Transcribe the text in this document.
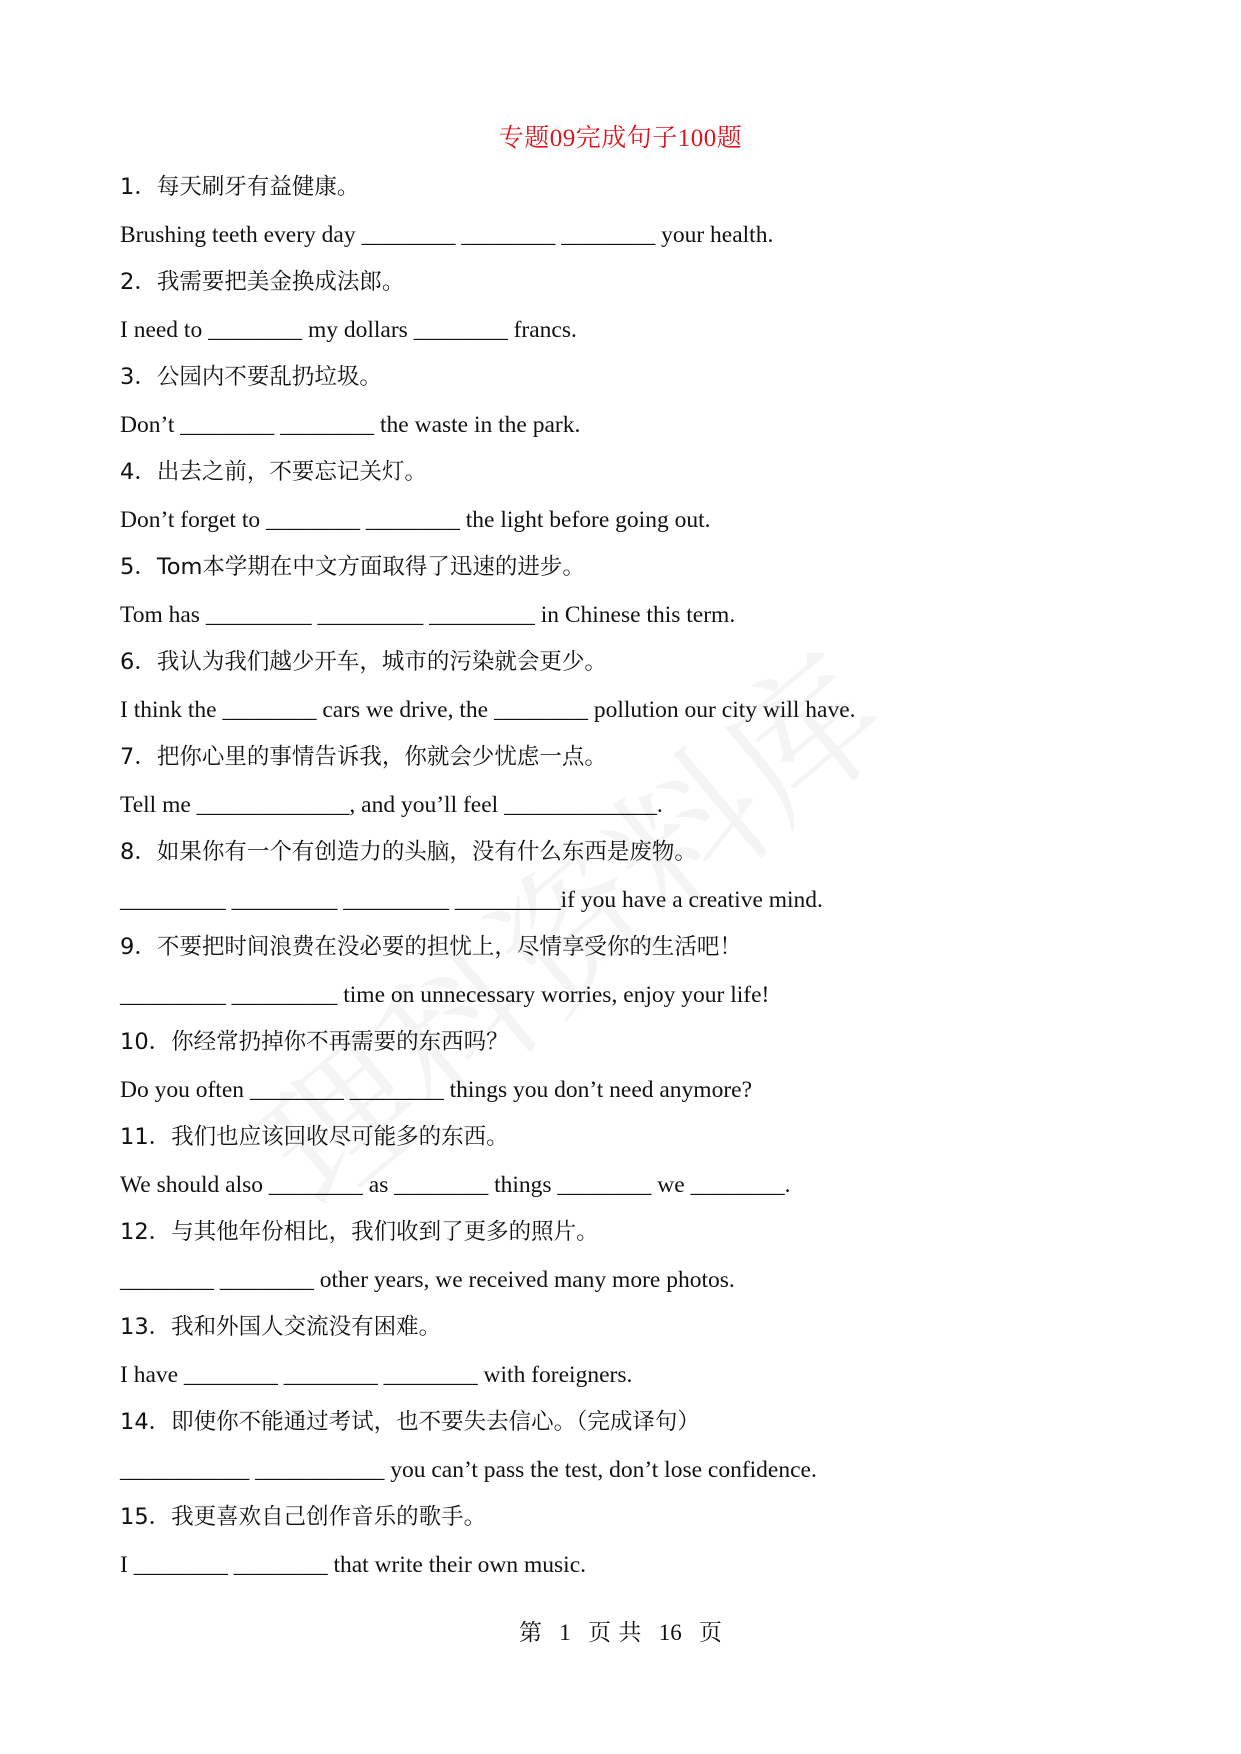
专题09完成句子100题
1．每天刷牙有益健康。
Brushing teeth every day ________ ________ ________ your health.
2．我需要把美金换成法郎。
I need to ________ my dollars ________ francs.
3．公园内不要乱扔垃圾。
Don’t ________ ________ the waste in the park.
4．出去之前，不要忘记关灯。
Don’t forget to ________ ________ the light before going out.
5．Tom本学期在中文方面取得了迅速的进步。
Tom has _________ _________ _________ in Chinese this term.
6．我认为我们越少开车，城市的污染就会更少。
I think the ________ cars we drive, the ________ pollution our city will have.
7．把你心里的事情告诉我，你就会少忧虑一点。
Tell me _____________, and you’ll feel _____________.
8．如果你有一个有创造力的头脑，没有什么东西是废物。
_________ _________ _________ _________if you have a creative mind.
9．不要把时间浪费在没必要的担忧上，尽情享受你的生活吧！
_________ _________ time on unnecessary worries, enjoy your life!
10．你经常扔掉你不再需要的东西吗？
Do you often ________ ________ things you don’t need anymore?
11．我们也应该回收尽可能多的东西。
We should also ________ as ________ things ________ we ________.
12．与其他年份相比，我们收到了更多的照片。
________ ________ other years, we received many more photos.
13．我和外国人交流没有困难。
I have ________ ________ ________ with foreigners.
14．即使你不能通过考试，也不要失去信心。（完成译句）
___________ ___________ you can’t pass the test, don’t lose confidence.
15．我更喜欢自己创作音乐的歌手。
I ________ ________ that write their own music.
第 1 页 共 16 页
